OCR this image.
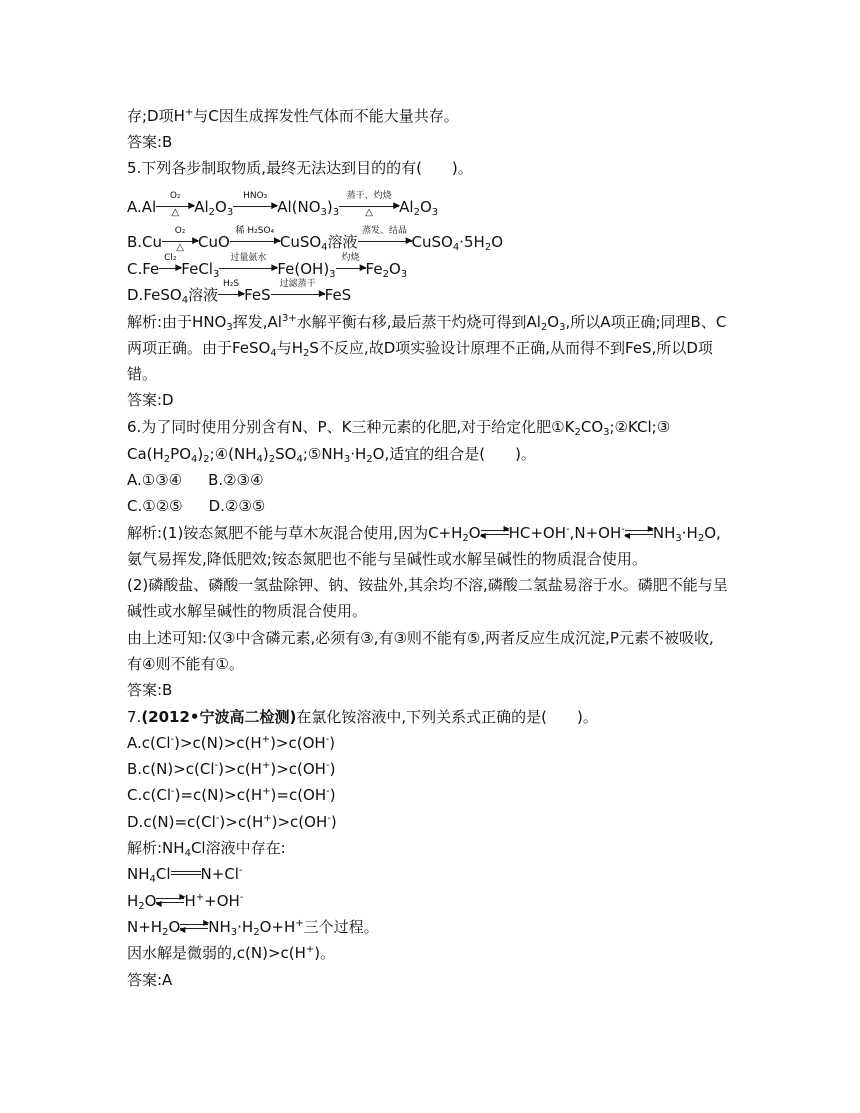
存;D项H+与C因生成挥发性气体而不能大量共存。
答案:B
5.下列各步制取物质,最终无法达到目的的有(　　)。
A.Al
O₂
▶
△	$Al_2O_3$
HNO₃
▶ $Al(NO_3)_3$
蒸干、灼烧
▶
△	$Al_2O_3$
B.Cu
O₂
▶
△ CuO
稀 H₂SO₄
▶ CuSO$_4$溶液
蒸发、结晶
▶ $CuSO_4\cdot 5H_2O$
C.Fe
Cl₂
▶ FeCl$_3$
过量氨水
▶ $Fe(OH)_3$
灼烧
▶ $Fe_2O_3$
D.FeSO$_4$溶液
H₂S
▶ FeS
过滤蒸干
▶ FeS
解析:由于$HNO_3$挥发$,Al^{3+}$水解平衡右移,最后蒸干灼烧可得到$Al_2O_3$,所以A项正确;同理B、C
两项正确。由于FeSO$_4$与$H_2S$不反应,故D项实验设计原理不正确,从而得不到FeS,所以D项
错。
答案:D
6.为了同时使用分别含有N、P、K三种元素的化肥,对于给定化肥$①K_2CO_3;②KCl;③$
$Ca(H_2PO_4)_2;④(NH_4)_2SO_4;⑤NH_3\cdot H_2O$,适宜的组合是(　　)。
A.①③④ B.②③④
C.①②⑤ D.②③⑤
解析:(1)铵态氮肥不能与草木灰混合使用,因为$C+H_2O$	▶
◀ HC+OH-,N+OH-	▶
◀ $NH_3\cdot H_2O$,
氨气易挥发,降低肥效;铵态氮肥也不能与呈碱性或水解呈碱性的物质混合使用。
(2)磷酸盐、磷酸一氢盐除钾、钠、铵盐外,其余均不溶,磷酸二氢盐易溶于水。磷肥不能与呈
碱性或水解呈碱性的物质混合使用。
由上述可知:仅③中含磷元素,必须有③,有③则不能有⑤,两者反应生成沉淀,P元素不被吸收,
有④则不能有①。
答案:B
7.(2012•宁波高二检测)在氯化铵溶液中,下列关系式正确的是(　　)。
A.c(Cl-)>c(N)>c(H+)>c(OH-)
B.c(N)>c(Cl-)>c(H+)>c(OH-)
C.c(Cl-)=c(N)>c(H+)=c(OH-)
D.c(N)=c(Cl-)>c(H+)>c(OH-)
解析$:NH_4Cl$溶液中存在:
$NH_4Cl$ N+Cl-
$H_2O$	▶
◀ H++OH-
$N+H_2O$	▶
◀ $NH_3\cdot H_2O+H^+$三个过程。
因水解是微弱的,c(N)>c(H+)。
答案:A
